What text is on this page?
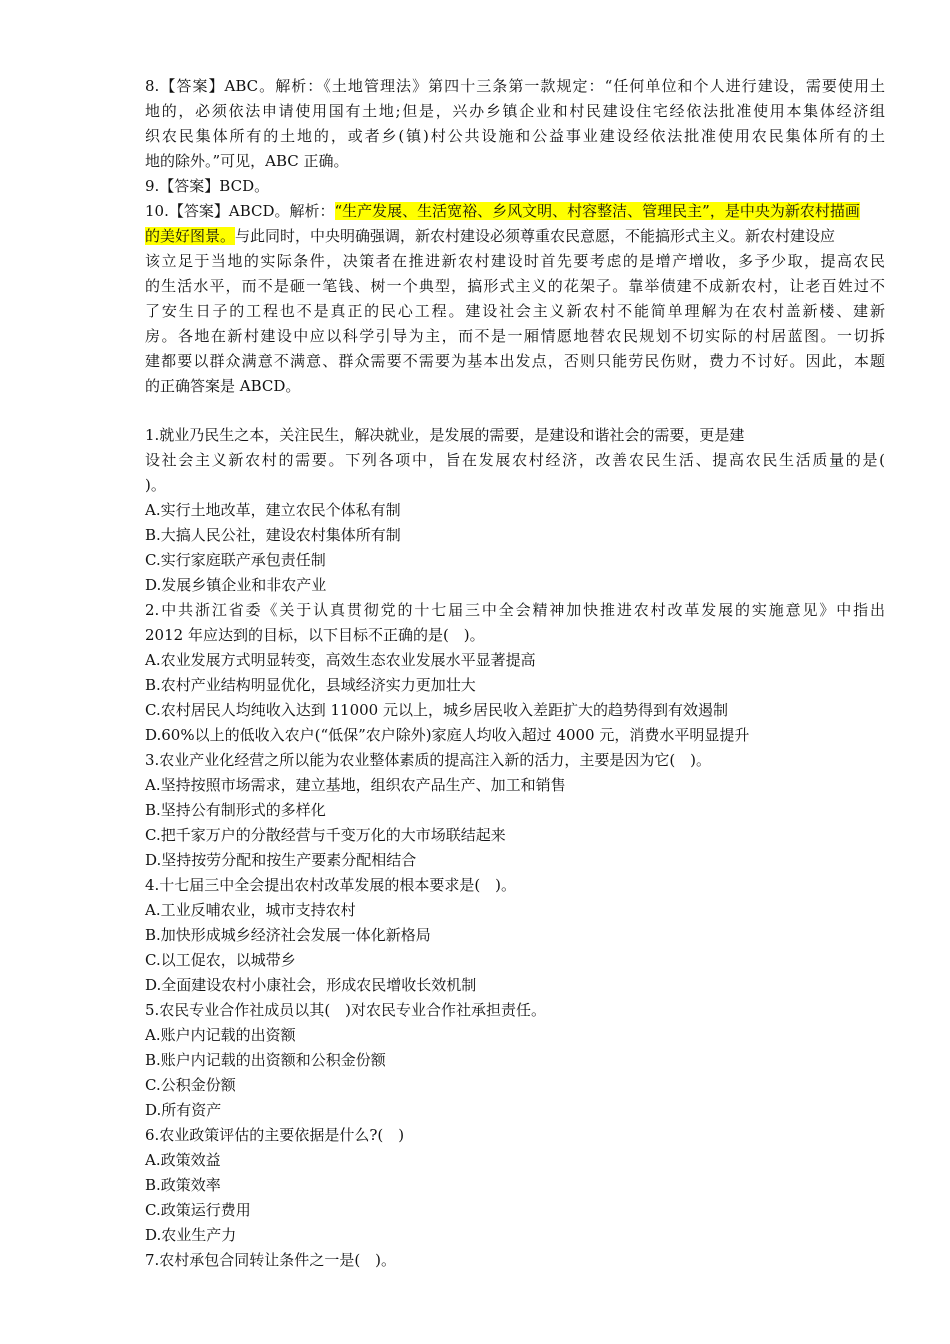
8.【答案】ABC。解析：《土地管理法》第四十三条第一款规定：“任何单位和个人进行建设，需要使用土
地的，必须依法申请使用国有土地;但是，兴办乡镇企业和村民建设住宅经依法批准使用本集体经济组
织农民集体所有的土地的，或者乡(镇)村公共设施和公益事业建设经依法批准使用农民集体所有的土
地的除外。”可见，ABC 正确。
9.【答案】BCD。
10.【答案】ABCD。解析：“生产发展、生活宽裕、乡风文明、村容整洁、管理民主”，是中央为新农村描画
的美好图景。与此同时，中央明确强调，新农村建设必须尊重农民意愿，不能搞形式主义。新农村建设应
该立足于当地的实际条件，决策者在推进新农村建设时首先要考虑的是增产增收，多予少取，提高农民
的生活水平，而不是砸一笔钱、树一个典型，搞形式主义的花架子。靠举债建不成新农村，让老百姓过不
了安生日子的工程也不是真正的民心工程。建设社会主义新农村不能简单理解为在农村盖新楼、建新
房。各地在新村建设中应以科学引导为主，而不是一厢情愿地替农民规划不切实际的村居蓝图。一切拆
建都要以群众满意不满意、群众需要不需要为基本出发点，否则只能劳民伤财，费力不讨好。因此，本题
的正确答案是 ABCD。
1.就业乃民生之本，关注民生，解决就业，是发展的需要，是建设和谐社会的需要，更是建
设社会主义新农村的需要。下列各项中，旨在发展农村经济，改善农民生活、提高农民生活质量的是(
)。
A.实行土地改革，建立农民个体私有制
B.大搞人民公社，建设农村集体所有制
C.实行家庭联产承包责任制
D.发展乡镇企业和非农产业
2.中共浙江省委《关于认真贯彻党的十七届三中全会精神加快推进农村改革发展的实施意见》中指出
2012 年应达到的目标，以下目标不正确的是(　)。
A.农业发展方式明显转变，高效生态农业发展水平显著提高
B.农村产业结构明显优化，县域经济实力更加壮大
C.农村居民人均纯收入达到 11000 元以上，城乡居民收入差距扩大的趋势得到有效遏制
D.60%以上的低收入农户(“低保”农户除外)家庭人均收入超过 4000 元，消费水平明显提升
3.农业产业化经营之所以能为农业整体素质的提高注入新的活力，主要是因为它(　)。
A.坚持按照市场需求，建立基地，组织农产品生产、加工和销售
B.坚持公有制形式的多样化
C.把千家万户的分散经营与千变万化的大市场联结起来
D.坚持按劳分配和按生产要素分配相结合
4.十七届三中全会提出农村改革发展的根本要求是(　)。
A.工业反哺农业，城市支持农村
B.加快形成城乡经济社会发展一体化新格局
C.以工促农，以城带乡
D.全面建设农村小康社会，形成农民增收长效机制
5.农民专业合作社成员以其(　)对农民专业合作社承担责任。
A.账户内记载的出资额
B.账户内记载的出资额和公积金份额
C.公积金份额
D.所有资产
6.农业政策评估的主要依据是什么?(　)
A.政策效益
B.政策效率
C.政策运行费用
D.农业生产力
7.农村承包合同转让条件之一是(　)。
